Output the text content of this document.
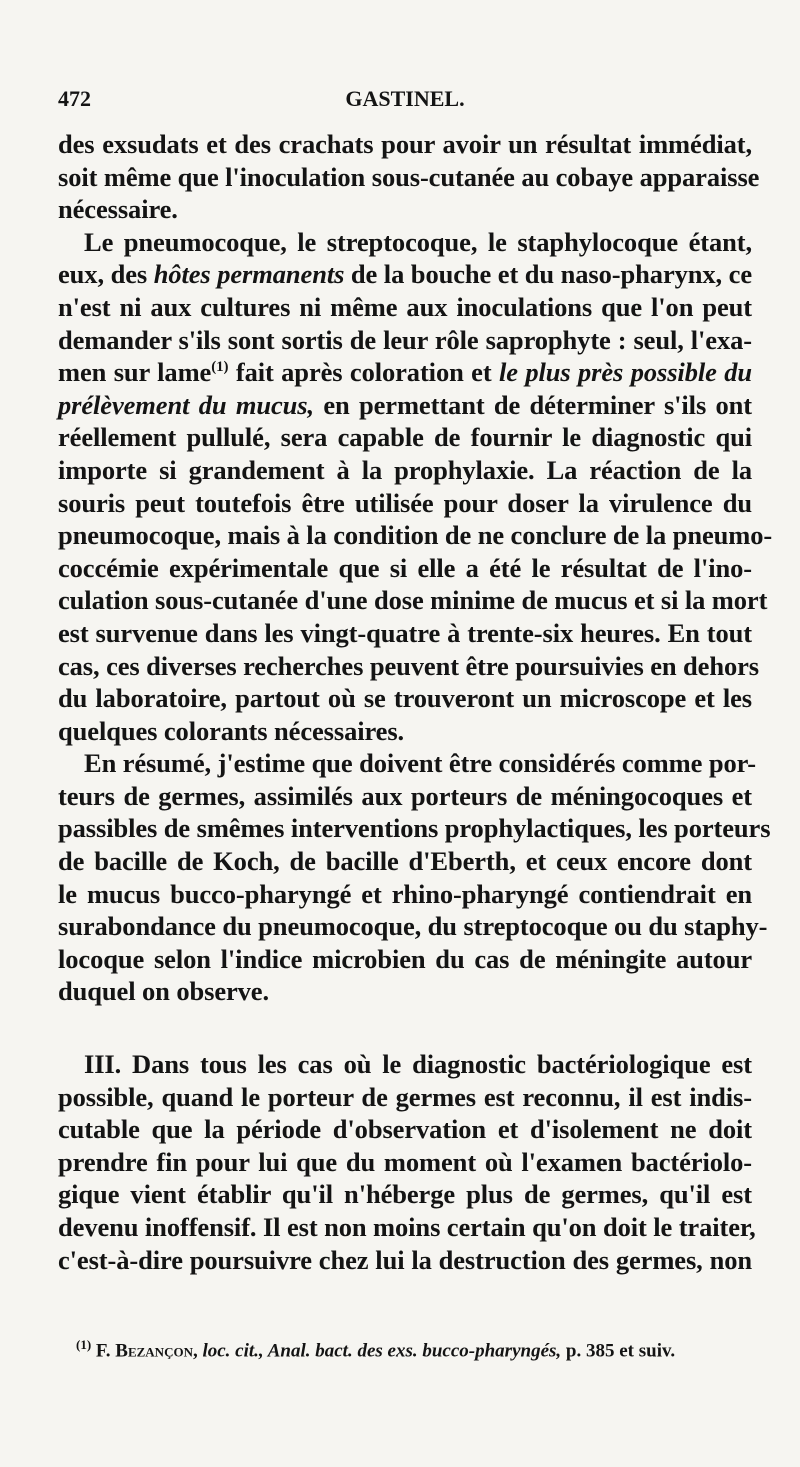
472	GASTINEL.
des exsudats et des crachats pour avoir un résultat immédiat,
soit même que l'inoculation sous-cutanée au cobaye apparaisse
nécessaire.
Le pneumocoque, le streptocoque, le staphylocoque étant,
eux, des hôtes permanents de la bouche et du naso-pharynx, ce
n'est ni aux cultures ni même aux inoculations que l'on peut
demander s'ils sont sortis de leur rôle saprophyte : seul, l'exa-
men sur lame$^{(1)}$ fait après coloration et le plus près possible du
prélèvement du mucus, en permettant de déterminer s'ils ont
réellement pullulé, sera capable de fournir le diagnostic qui
importe si grandement à la prophylaxie. La réaction de la
souris peut toutefois être utilisée pour doser la virulence du
pneumocoque, mais à la condition de ne conclure de la pneumo-
coccémie expérimentale que si elle a été le résultat de l'ino-
culation sous-cutanée d'une dose minime de mucus et si la mort
est survenue dans les vingt-quatre à trente-six heures. En tout
cas, ces diverses recherches peuvent être poursuivies en dehors
du laboratoire, partout où se trouveront un microscope et les
quelques colorants nécessaires.
En résumé, j'estime que doivent être considérés comme por-
teurs de germes, assimilés aux porteurs de méningocoques et
passibles de smêmes interventions prophylactiques, les porteurs
de bacille de Koch, de bacille d'Eberth, et ceux encore dont
le mucus bucco-pharyngé et rhino-pharyngé contiendrait en
surabondance du pneumocoque, du streptocoque ou du staphy-
locoque selon l'indice microbien du cas de méningite autour
duquel on observe.
III. Dans tous les cas où le diagnostic bactériologique est
possible, quand le porteur de germes est reconnu, il est indis-
cutable que la période d'observation et d'isolement ne doit
prendre fin pour lui que du moment où l'examen bactériolo-
gique vient établir qu'il n'héberge plus de germes, qu'il est
devenu inoffensif. Il est non moins certain qu'on doit le traiter,
c'est-à-dire poursuivre chez lui la destruction des germes, non
$^{(1)}$ F. Bezançon, loc. cit., Anal. bact. des exs. bucco-pharyngés, p. 385 et suiv.
